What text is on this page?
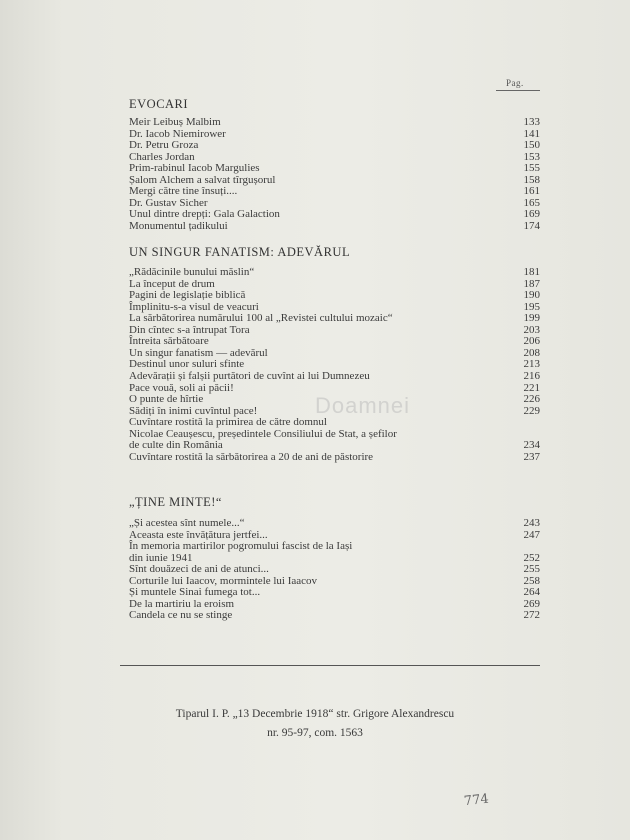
Pag.
EVOCARI
Meir Leibuș Malbim	133
Dr. Iacob Niemirower	141
Dr. Petru Groza	150
Charles Jordan	153
Prim-rabinul Iacob Margulies	155
Șalom Alchem a salvat tîrgușorul	158
Mergi către tine însuți....	161
Dr. Gustav Sicher	165
Unul dintre drepți: Gala Galaction	169
Monumentul țadikului	174
UN SINGUR FANATISM: ADEVĂRUL
„Rădăcinile bunului măslin“	181
La început de drum	187
Pagini de legislație biblică	190
Împlinitu-s-a visul de veacuri	195
La sărbătorirea numărului 100 al „Revistei cultului mozaic“	199
Din cîntec s-a întrupat Tora	203
Întreita sărbătoare	206
Un singur fanatism — adevărul	208
Destinul unor suluri sfinte	213
Adevărații și falșii purtători de cuvînt ai lui Dumnezeu	216
Pace vouă, soli ai păcii!	221
O punte de hîrtie	226
Sădiți în inimi cuvîntul pace!	229
Cuvîntare rostită la primirea de către domnul
Nicolae Ceaușescu, președintele Consiliului de Stat, a șefilor
de culte din România	234
Cuvîntare rostită la sărbătorirea a 20 de ani de păstorire	237
„ȚINE MINTE!“
„Și acestea sînt numele...“	243
Aceasta este învățătura jertfei...	247
În memoria martirilor pogromului fascist de la Iași
din iunie 1941	252
Sînt douăzeci de ani de atunci...	255
Corturile lui Iaacov, mormintele lui Iaacov	258
Și muntele Sinai fumega tot...	264
De la martiriu la eroism	269
Candela ce nu se stinge	272
Doamnei
Tiparul I. P. „13 Decembrie 1918“ str. Grigore Alexandrescu
nr. 95-97, com. 1563
774
